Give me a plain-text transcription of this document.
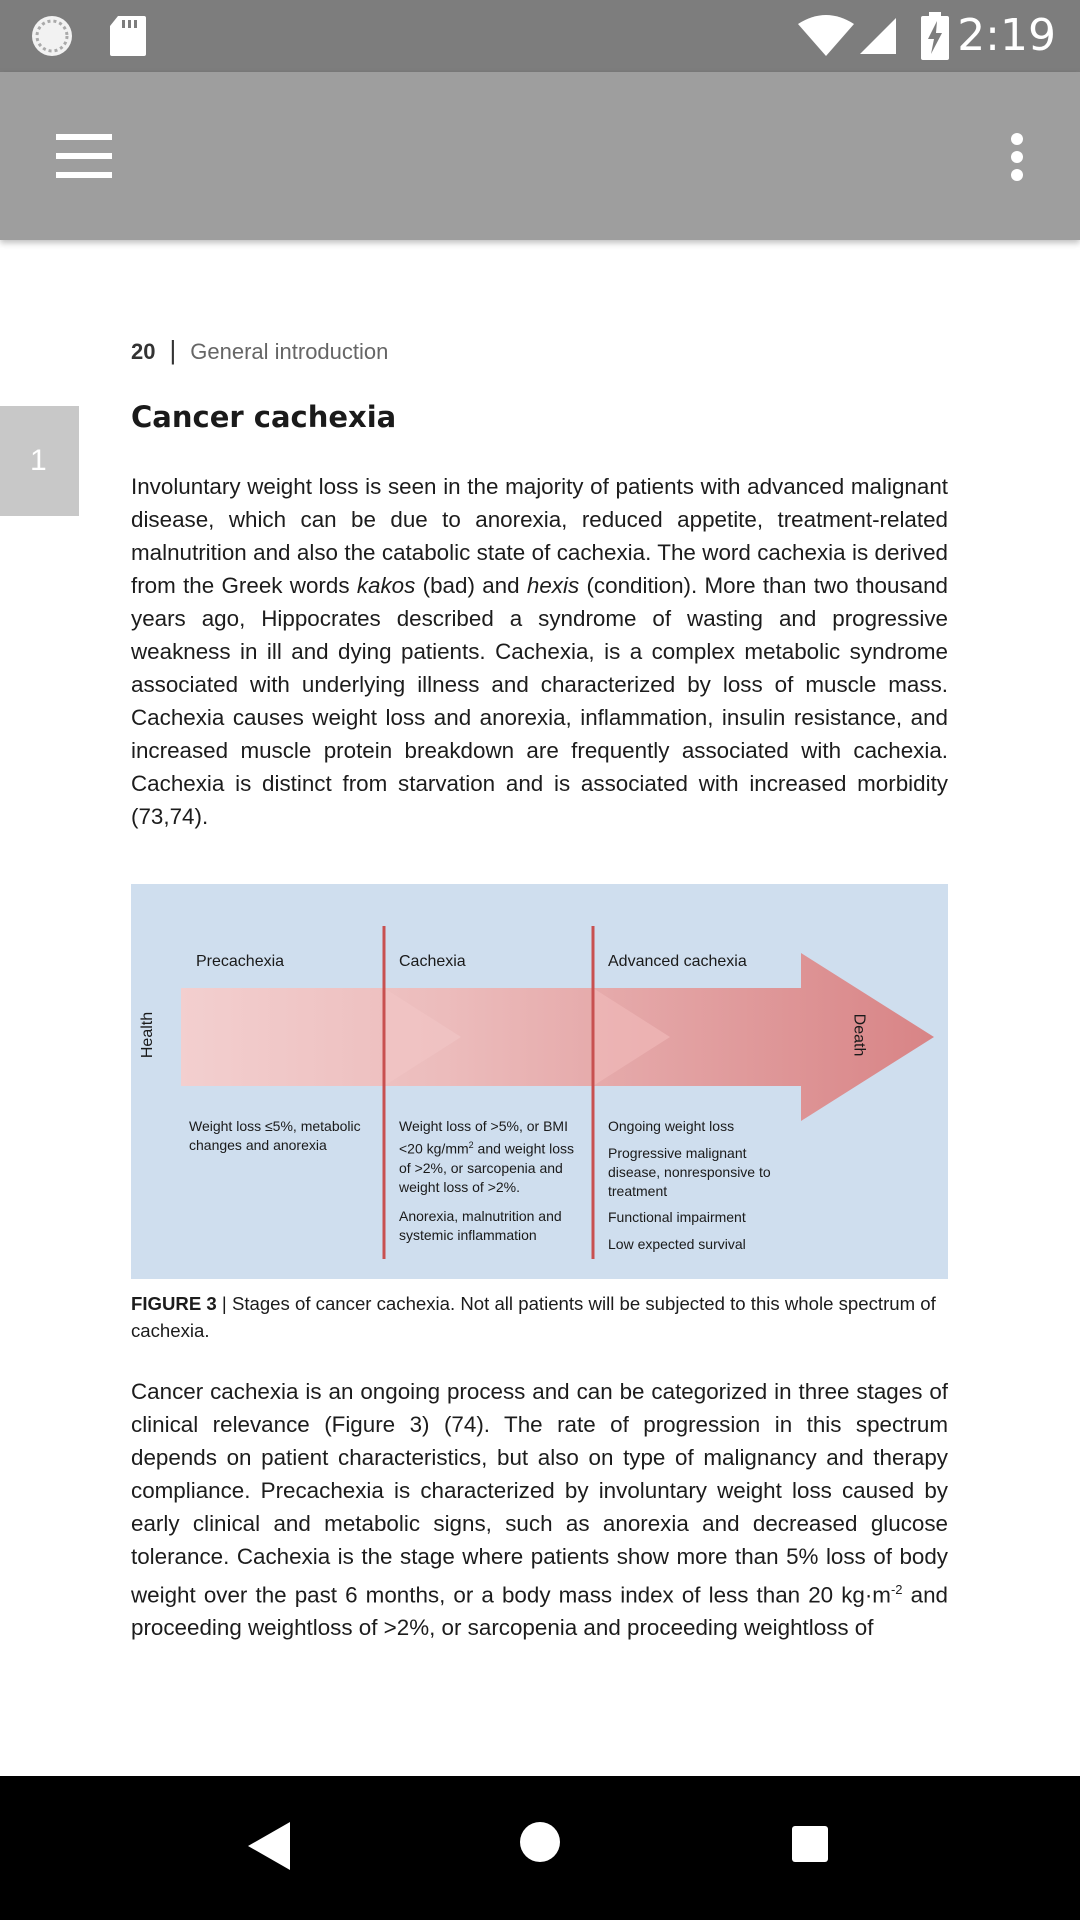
2:19
20 | General introduction
1
Cancer cachexia
Involuntary weight loss is seen in the majority of patients with advanced malignant disease, which can be due to anorexia, reduced appetite, treatment-related malnutrition and also the catabolic state of cachexia. The word cachexia is derived from the Greek words kakos (bad) and hexis (condition). More than two thousand years ago, Hippocrates described a syndrome of wasting and progressive weakness in ill and dying patients. Cachexia, is a complex metabolic syndrome associated with underlying illness and characterized by loss of muscle mass. Cachexia causes weight loss and anorexia, inflammation, insulin resistance, and increased muscle protein breakdown are frequently associated with cachexia. Cachexia is distinct from starvation and is associated with increased morbidity (73,74).
Health	Death
Precachexia	Cachexia	Advanced cachexia
Weight loss ≤5%, metabolic changes and anorexia
Weight loss of >5%, or BMI <20 $kg/mm^2$ and weight loss of >2%, or sarcopenia and weight loss of >2%.
Anorexia, malnutrition and systemic inflammation
Ongoing weight loss
Progressive malignant disease, nonresponsive to treatment
Functional impairment
Low expected survival
FIGURE 3 | Stages of cancer cachexia. Not all patients will be subjected to this whole spectrum of cachexia.
Cancer cachexia is an ongoing process and can be categorized in three stages of clinical relevance (Figure 3) (74). The rate of progression in this spectrum depends on patient characteristics, but also on type of malignancy and therapy compliance. Precachexia is characterized by involuntary weight loss caused by early clinical and metabolic signs, such as anorexia and decreased glucose tolerance. Cachexia is the stage where patients show more than 5% loss of body weight over the past 6 months, or a body mass index of less than 20 $kg\cdot m^{-2}$ and proceeding weightloss of >2%, or sarcopenia and proceeding weightloss of
